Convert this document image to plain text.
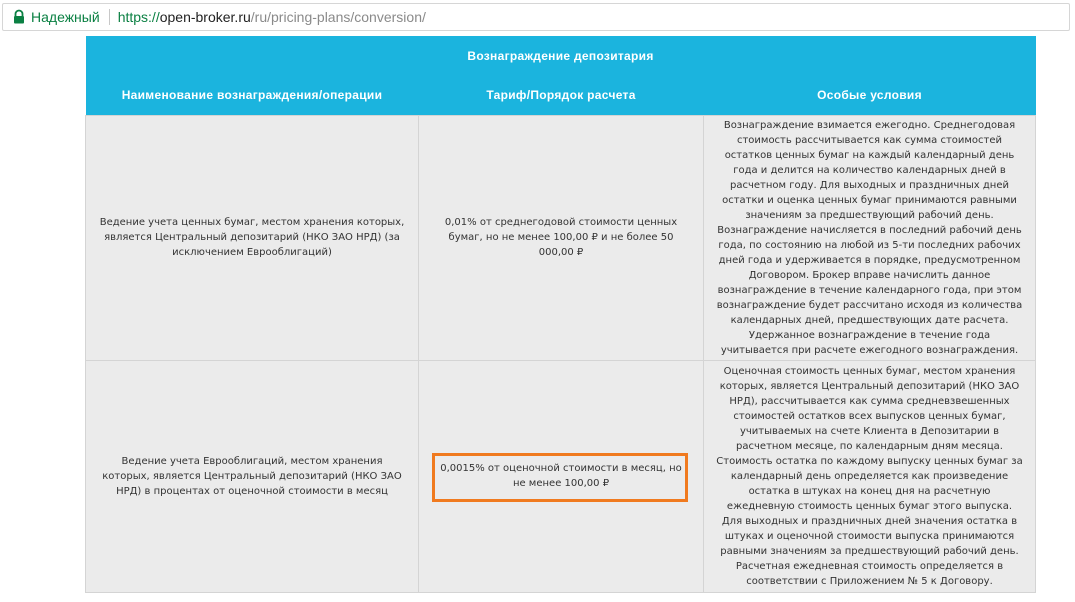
Надежный https://open-broker.ru/ru/pricing-plans/conversion/
Вознаграждение депозитария		
Наименование вознаграждения/операции	Тариф/Порядок расчета	Особые условия

Ведение учета ценных бумаг, местом хранения которых, является Центральный депозитарий (НКО ЗАО НРД) (за исключением Еврооблигаций)	0,01% от среднегодовой стоимости ценных бумаг, но не менее 100,00 ₽ и не более 50 000,00 ₽	Вознаграждение взимается ежегодно. Среднегодовая стоимость рассчитывается как сумма стоимостей остатков ценных бумаг на каждый календарный день года и делится на количество календарных дней в расчетном году. Для выходных и праздничных дней остатки и оценка ценных бумаг принимаются равными значениям за предшествующий рабочий день. Вознаграждение начисляется в последний рабочий день года, по состоянию на любой из 5-ти последних рабочих дней года и удерживается в порядке, предусмотренном Договором. Брокер вправе начислить данное вознаграждение в течение календарного года, при этом вознаграждение будет рассчитано исходя из количества календарных дней, предшествующих дате расчета. Удержанное вознаграждение в течение года учитывается при расчете ежегодного вознаграждения.

Ведение учета Еврооблигаций, местом хранения которых, является Центральный депозитарий (НКО ЗАО НРД) в процентах от оценочной стоимости в месяц	0,0015% от оценочной стоимости в месяц, но не менее 100,00 ₽	Оценочная стоимость ценных бумаг, местом хранения которых, является Центральный депозитарий (НКО ЗАО НРД), рассчитывается как сумма средневзвешенных стоимостей остатков всех выпусков ценных бумаг, учитываемых на счете Клиента в Депозитарии в расчетном месяце, по календарным дням месяца. Стоимость остатка по каждому выпуску ценных бумаг за календарный день определяется как произведение остатка в штуках на конец дня на расчетную ежедневную стоимость ценных бумаг этого выпуска. Для выходных и праздничных дней значения остатка в штуках и оценочной стоимости выпуска принимаются равными значениям за предшествующий рабочий день. Расчетная ежедневная стоимость определяется в соответствии с Приложением № 5 к Договору.
